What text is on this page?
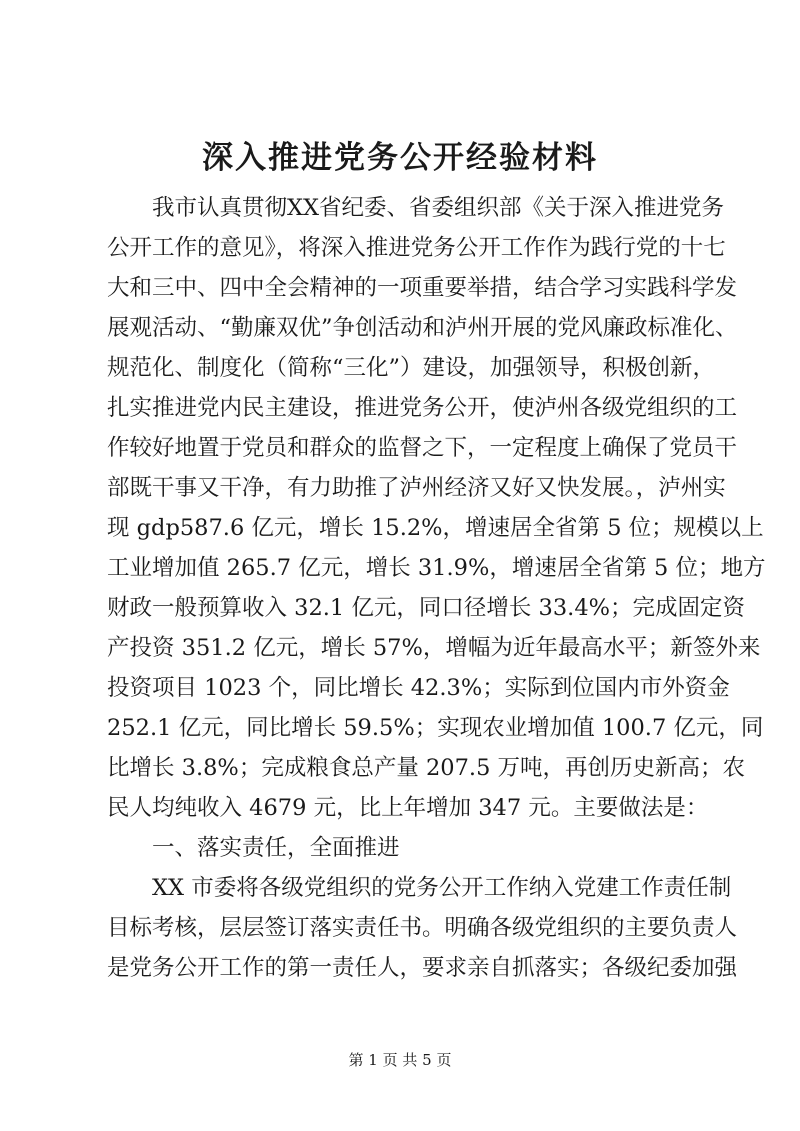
深入推进党务公开经验材料
我市认真贯彻XX省纪委、省委组织部《关于深入推进党务
公开工作的意见》，将深入推进党务公开工作作为践行党的十七
大和三中、四中全会精神的一项重要举措，结合学习实践科学发
展观活动、“勤廉双优”争创活动和泸州开展的党风廉政标准化、
规范化、制度化（简称“三化”）建设，加强领导，积极创新，
扎实推进党内民主建设，推进党务公开，使泸州各级党组织的工
作较好地置于党员和群众的监督之下，一定程度上确保了党员干
部既干事又干净，有力助推了泸州经济又好又快发展。，泸州实
现 gdp587.6 亿元，增长 15.2%，增速居全省第 5 位；规模以上
工业增加值 265.7 亿元，增长 31.9%，增速居全省第 5 位；地方
财政一般预算收入 32.1 亿元，同口径增长 33.4%；完成固定资
产投资 351.2 亿元，增长 57%，增幅为近年最高水平；新签外来
投资项目 1023 个，同比增长 42.3%；实际到位国内市外资金
252.1 亿元，同比增长 59.5%；实现农业增加值 100.7 亿元，同
比增长 3.8%；完成粮食总产量 207.5 万吨，再创历史新高；农
民人均纯收入 4679 元，比上年增加 347 元。主要做法是：
一、落实责任，全面推进
XX 市委将各级党组织的党务公开工作纳入党建工作责任制
目标考核，层层签订落实责任书。明确各级党组织的主要负责人
是党务公开工作的第一责任人，要求亲自抓落实；各级纪委加强
第 1 页 共 5 页
